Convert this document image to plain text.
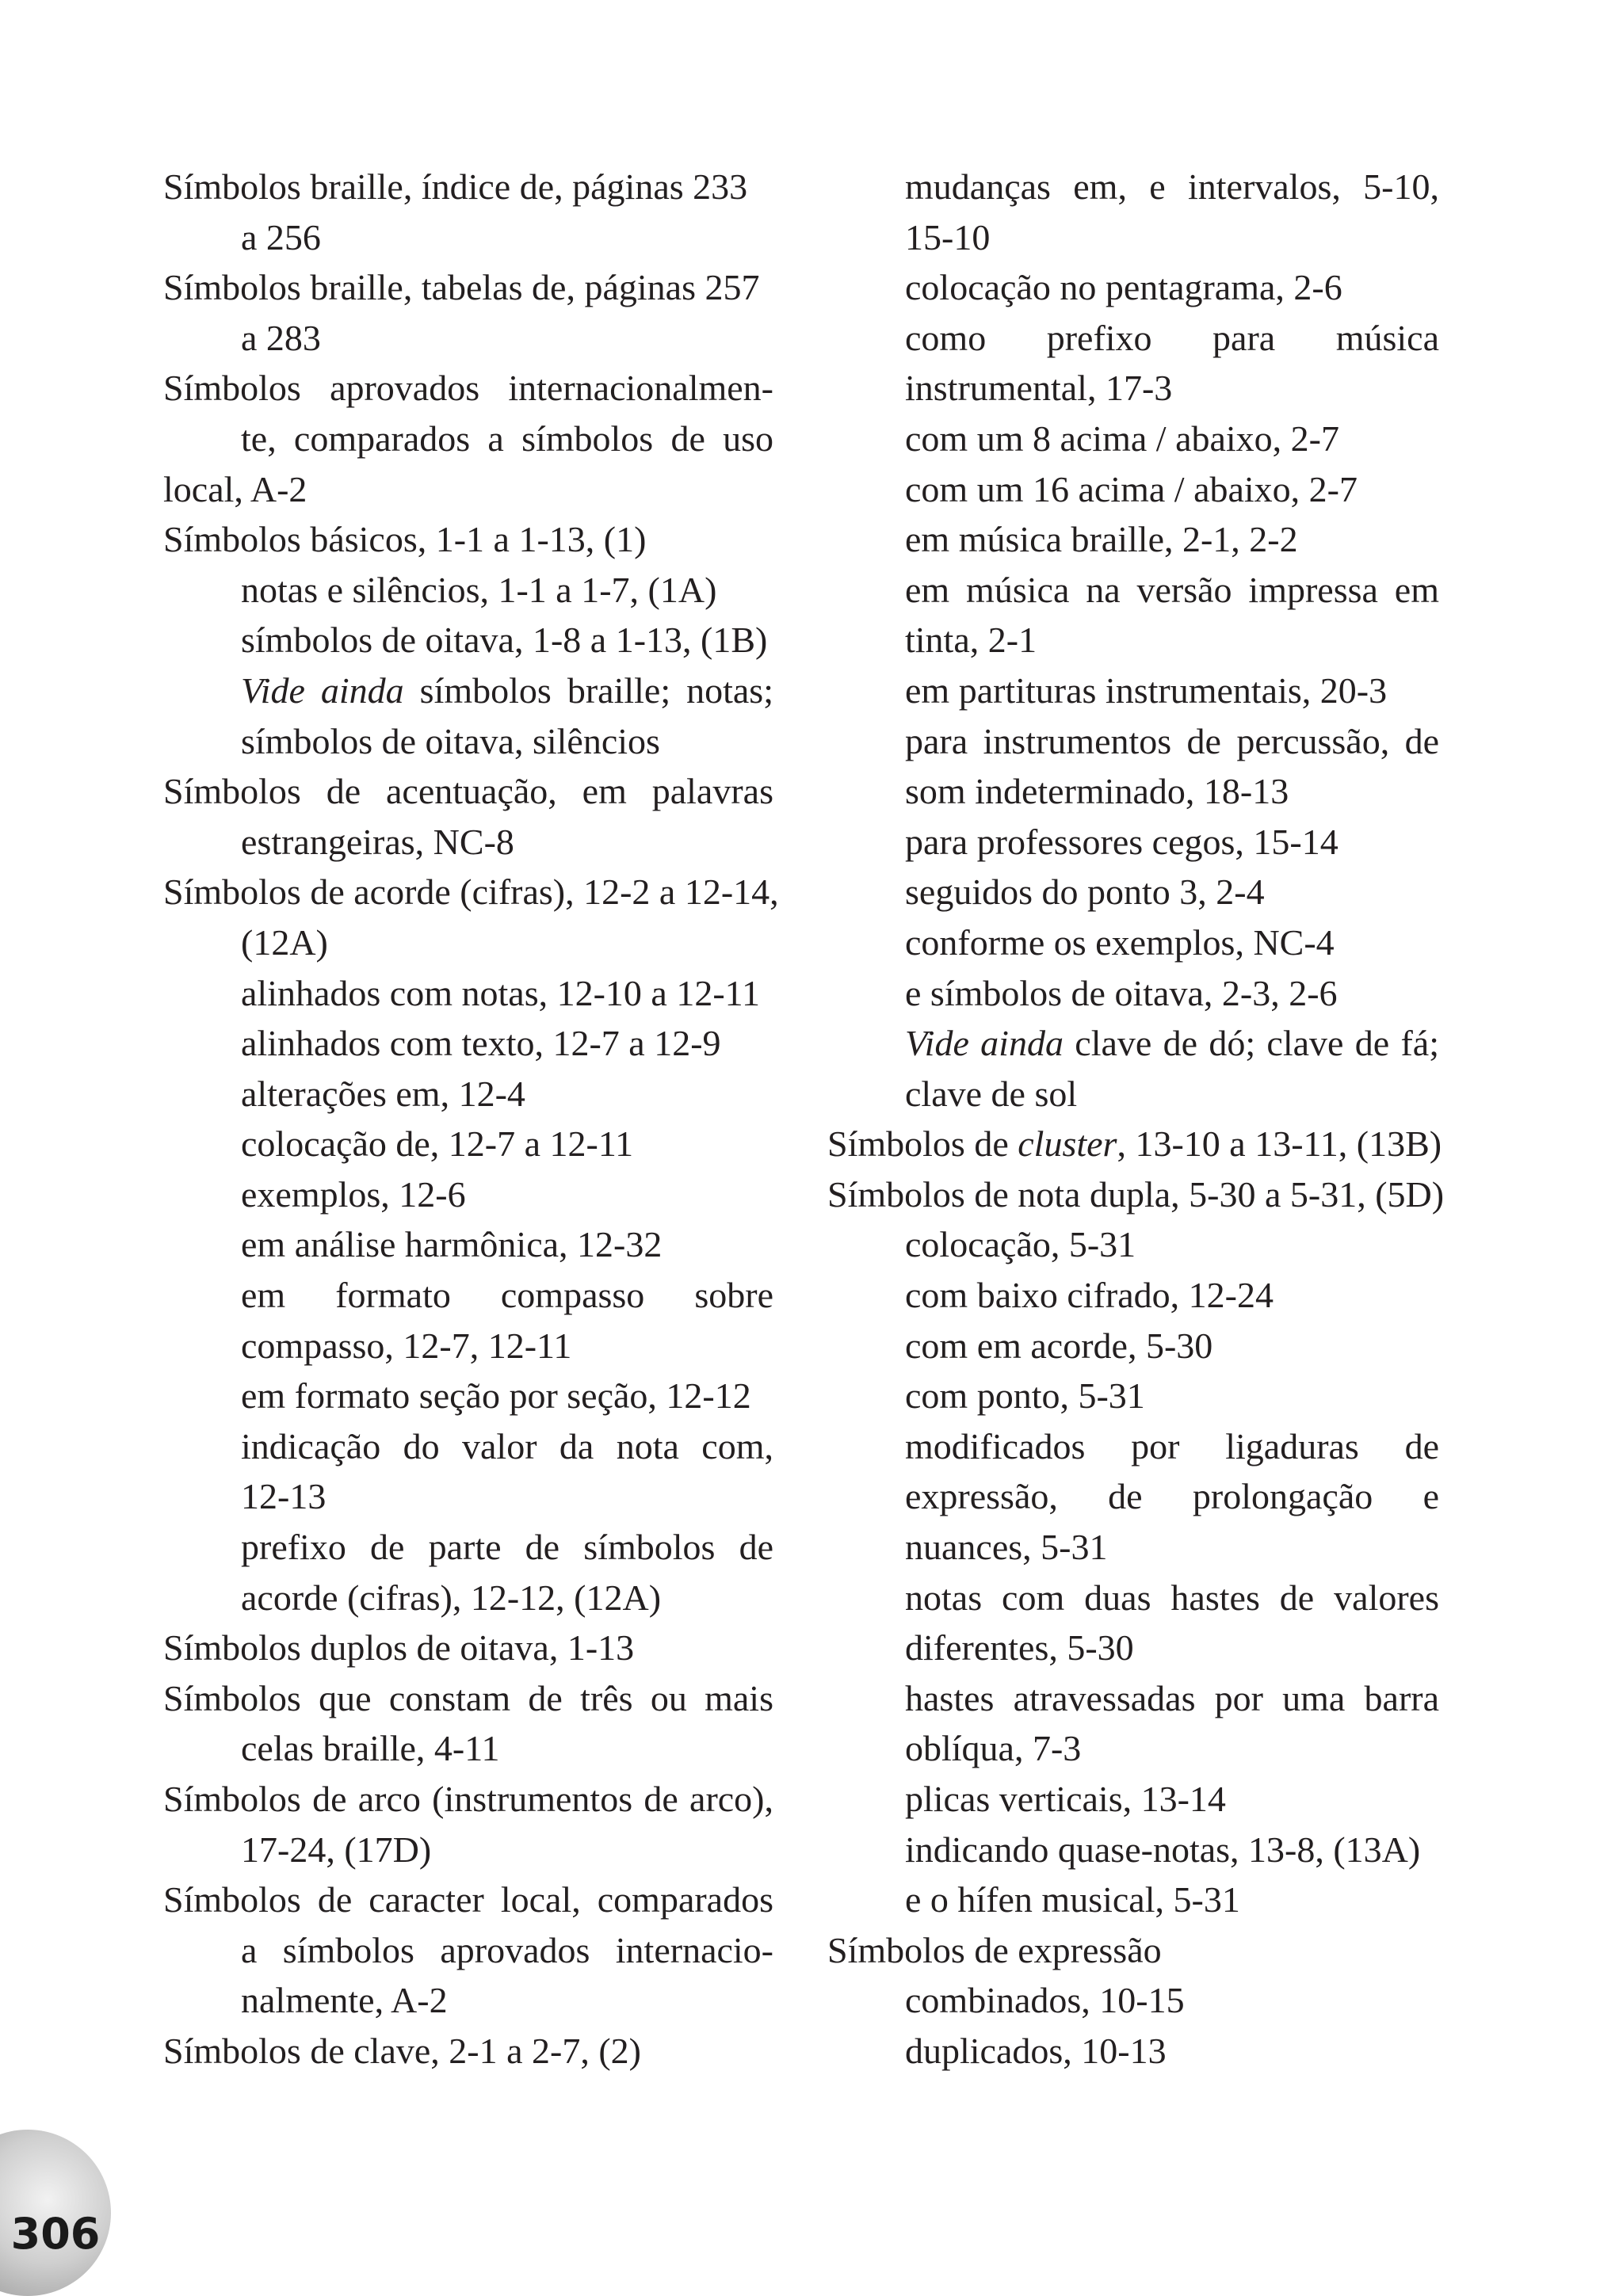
Símbolos braille, índice de, páginas 233
a 256
Símbolos braille, tabelas de, páginas 257
a 283
Símbolos aprovados internacionalmen-
te, comparados a símbolos de uso
local, A-2
Símbolos básicos, 1-1 a 1-13, (1)
notas e silêncios, 1-1 a 1-7, (1A)
símbolos de oitava, 1-8 a 1-13, (1B)
Vide ainda símbolos braille; notas;
símbolos de oitava, silêncios
Símbolos de acentuação, em palavras
estrangeiras, NC-8
Símbolos de acorde (cifras), 12-2 a 12-14,
(12A)
alinhados com notas, 12-10 a 12-11
alinhados com texto, 12-7 a 12-9
alterações em, 12-4
colocação de, 12-7 a 12-11
exemplos, 12-6
em análise harmônica, 12-32
em formato compasso sobre
compasso, 12-7, 12-11
em formato seção por seção, 12-12
indicação do valor da nota com,
12-13
prefixo de parte de símbolos de
acorde (cifras), 12-12, (12A)
Símbolos duplos de oitava, 1-13
Símbolos que constam de três ou mais
celas braille, 4-11
Símbolos de arco (instrumentos de arco),
17-24, (17D)
Símbolos de caracter local, comparados
a símbolos aprovados internacio-
nalmente, A-2
Símbolos de clave, 2-1 a 2-7, (2)
mudanças em, e intervalos, 5-10,
15-10
colocação no pentagrama, 2-6
como prefixo para música
instrumental, 17-3
com um 8 acima / abaixo, 2-7
com um 16 acima / abaixo, 2-7
em música braille, 2-1, 2-2
em música na versão impressa em
tinta, 2-1
em partituras instrumentais, 20-3
para instrumentos de percussão, de
som indeterminado, 18-13
para professores cegos, 15-14
seguidos do ponto 3, 2-4
conforme os exemplos, NC-4
e símbolos de oitava, 2-3, 2-6
Vide ainda clave de dó; clave de fá;
clave de sol
Símbolos de cluster, 13-10 a 13-11, (13B)
Símbolos de nota dupla, 5-30 a 5-31, (5D)
colocação, 5-31
com baixo cifrado, 12-24
com em acorde, 5-30
com ponto, 5-31
modificados por ligaduras de
expressão, de prolongação e
nuances, 5-31
notas com duas hastes de valores
diferentes, 5-30
hastes atravessadas por uma barra
oblíqua, 7-3
plicas verticais, 13-14
indicando quase-notas, 13-8, (13A)
e o hífen musical, 5-31
Símbolos de expressão
combinados, 10-15
duplicados, 10-13
306
